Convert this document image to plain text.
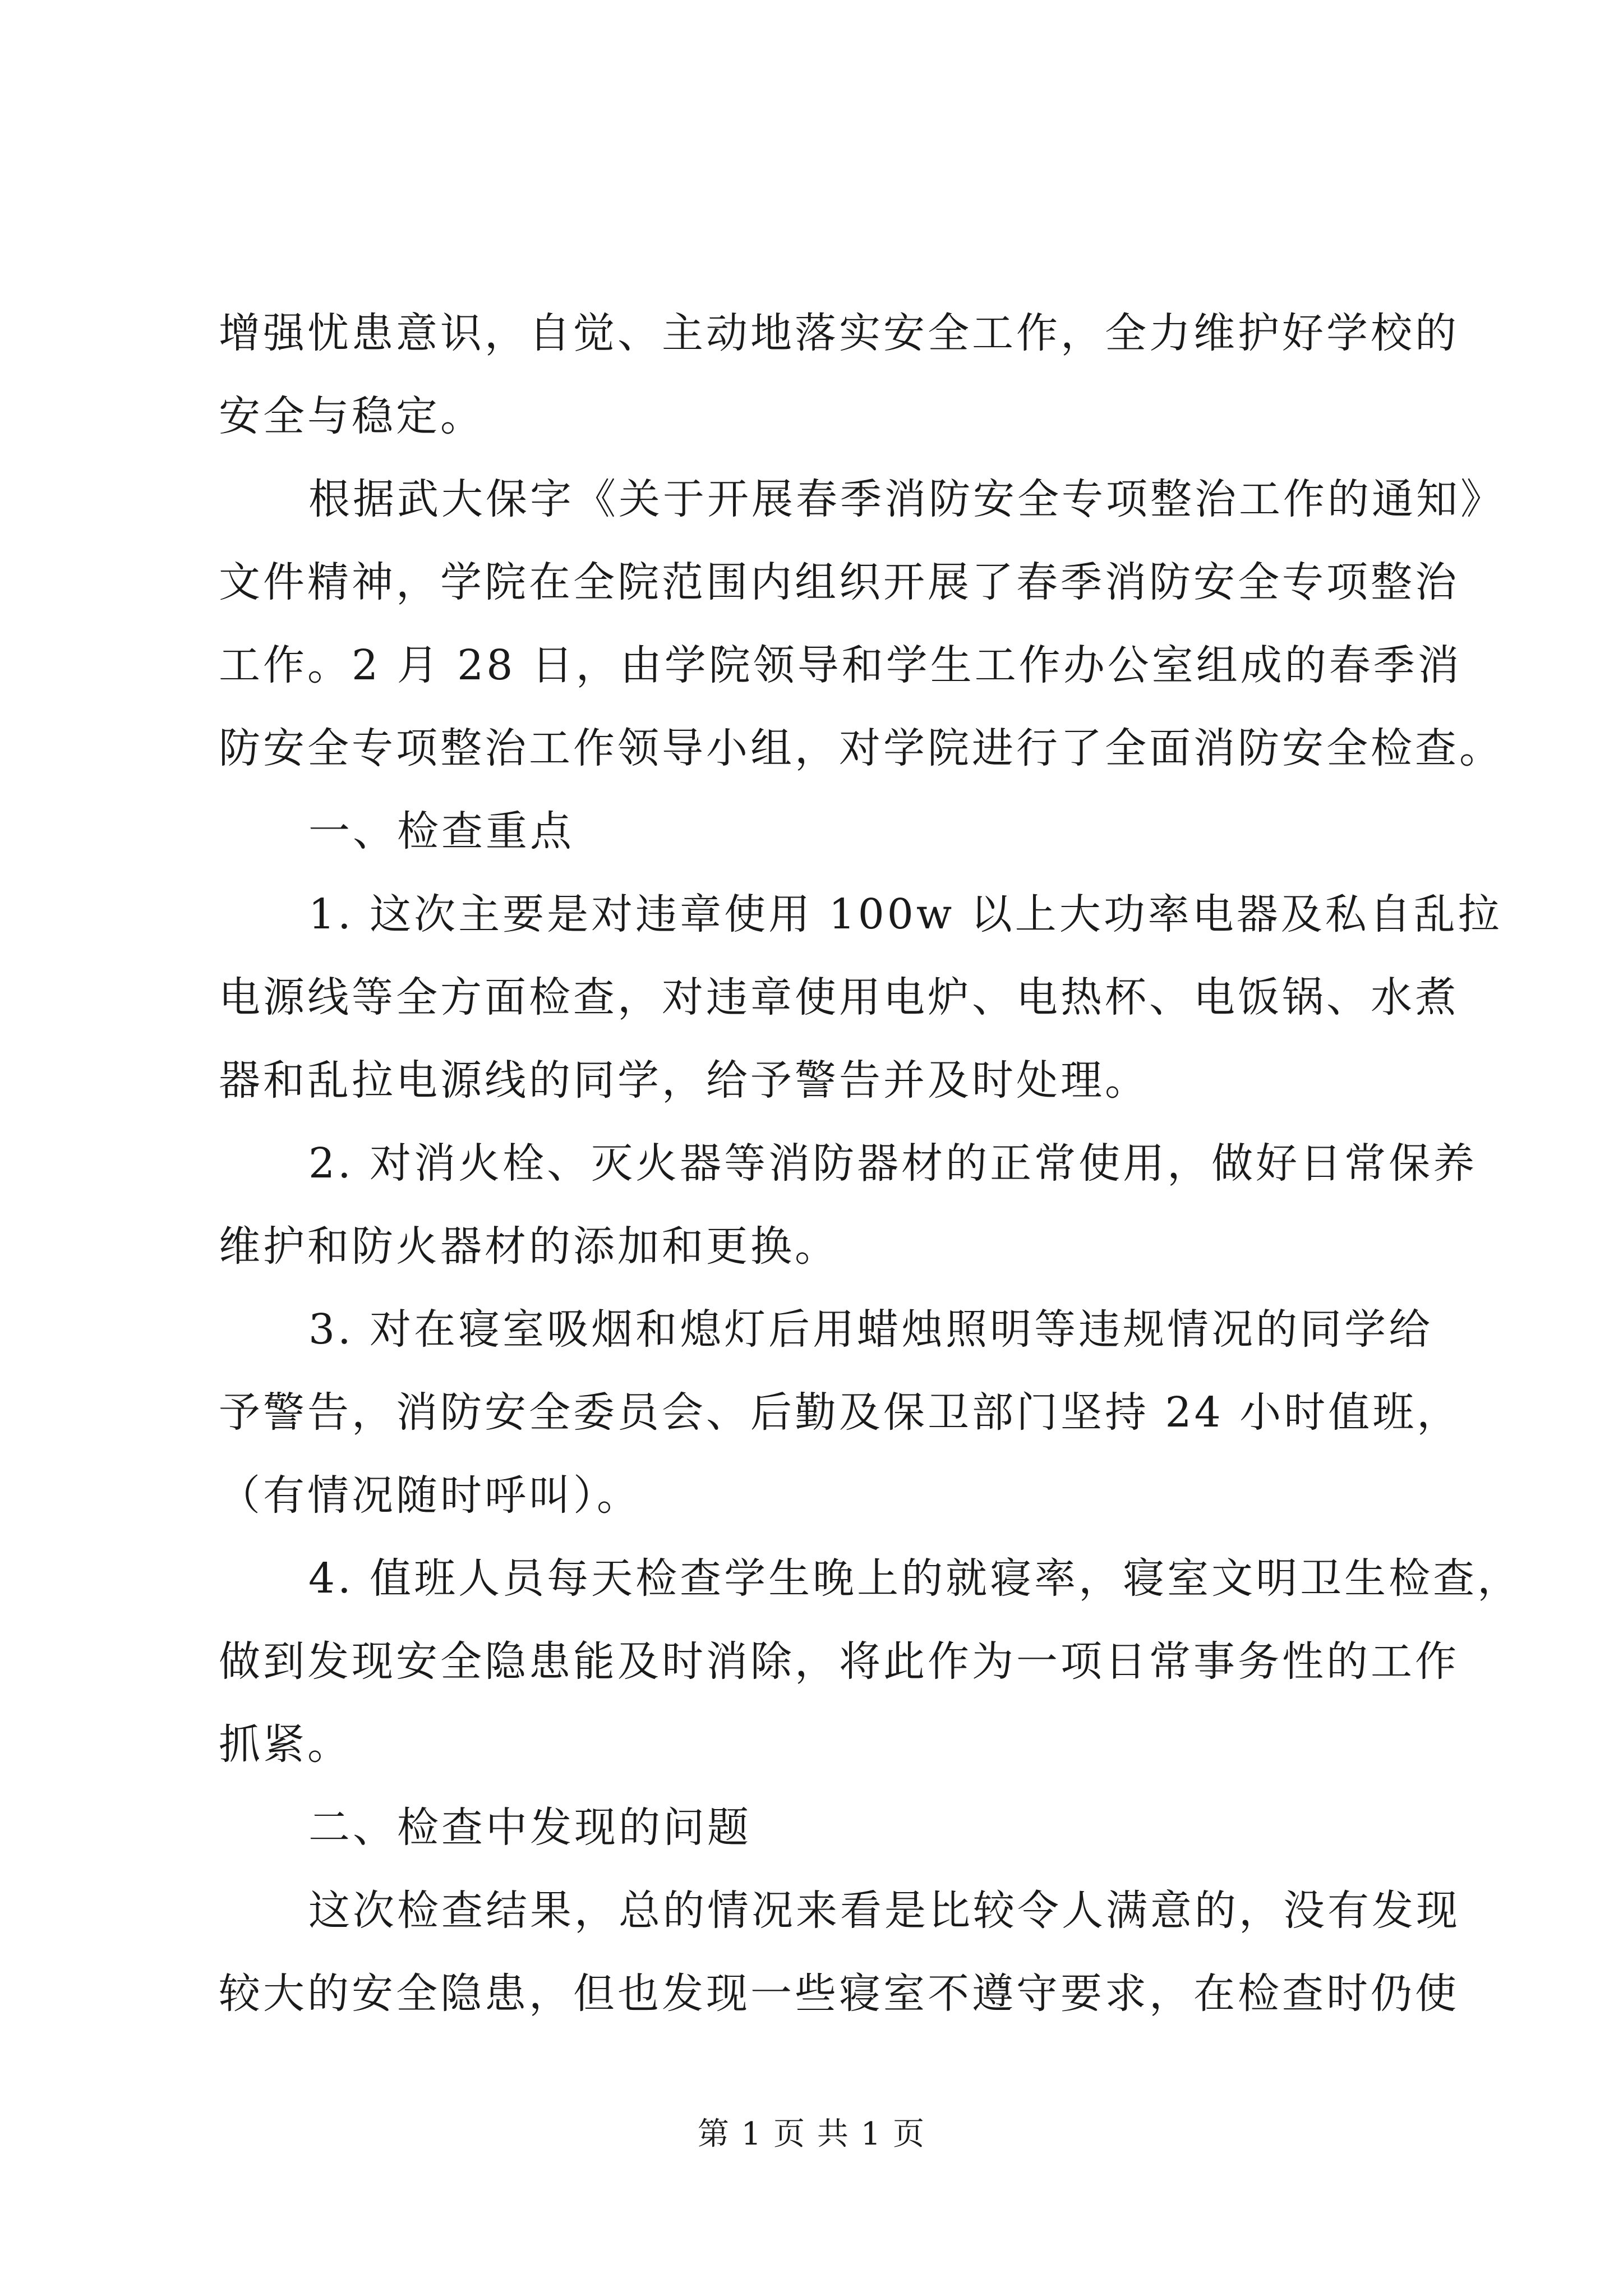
增强忧患意识，自觉、主动地落实安全工作，全力维护好学校的
安全与稳定。
根据武大保字《关于开展春季消防安全专项整治工作的通知》
文件精神，学院在全院范围内组织开展了春季消防安全专项整治
工作。2 月 28 日，由学院领导和学生工作办公室组成的春季消
防安全专项整治工作领导小组，对学院进行了全面消防安全检查。
一、检查重点
1. 这次主要是对违章使用 100w 以上大功率电器及私自乱拉
电源线等全方面检查，对违章使用电炉、电热杯、电饭锅、水煮
器和乱拉电源线的同学，给予警告并及时处理。
2. 对消火栓、灭火器等消防器材的正常使用，做好日常保养
维护和防火器材的添加和更换。
3. 对在寝室吸烟和熄灯后用蜡烛照明等违规情况的同学给
予警告，消防安全委员会、后勤及保卫部门坚持 24 小时值班，
（有情况随时呼叫）。
4. 值班人员每天检查学生晚上的就寝率，寝室文明卫生检查，
做到发现安全隐患能及时消除，将此作为一项日常事务性的工作
抓紧。
二、检查中发现的问题
这次检查结果，总的情况来看是比较令人满意的，没有发现
较大的安全隐患，但也发现一些寝室不遵守要求，在检查时仍使
第 1 页 共 1 页
